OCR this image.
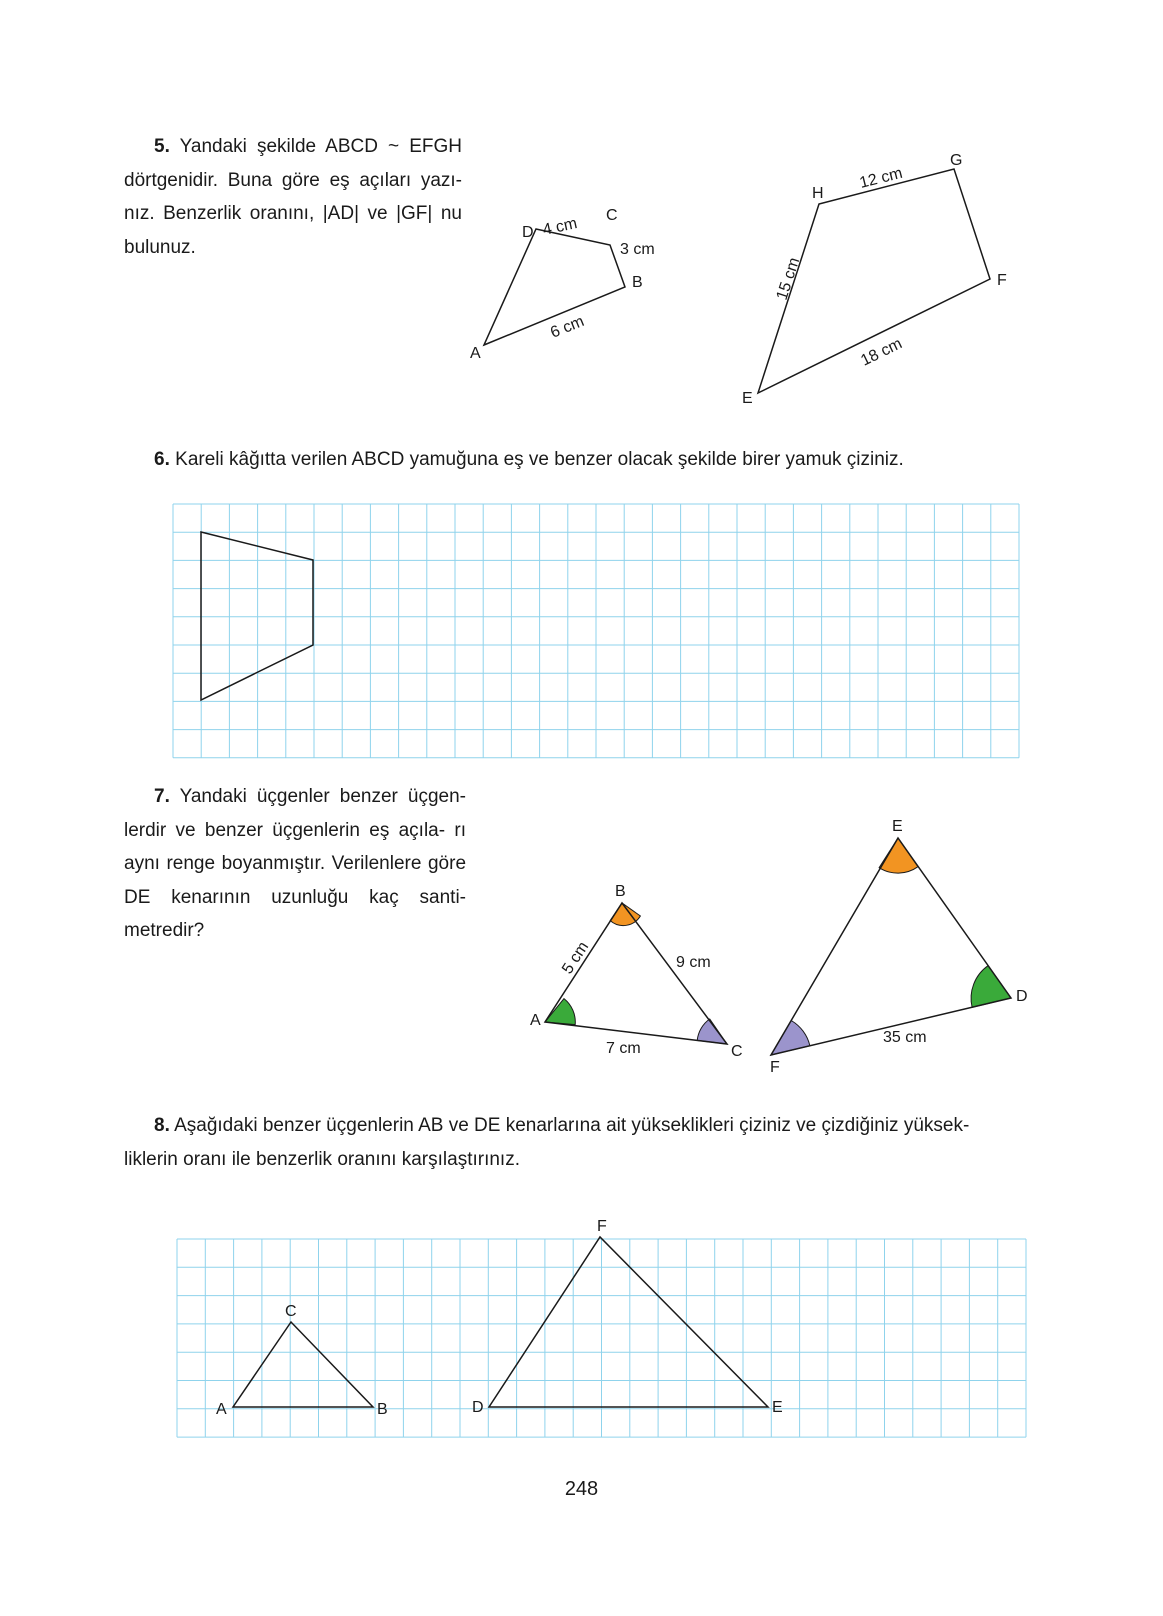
5. Yandaki şekilde ABCD ~ EFGH dörtgenidir. Buna göre eş açıları yazı- nız. Benzerlik oranını, |AD| ve |GF| nu bulunuz.
6. Kareli kâğıtta verilen ABCD yamuğuna eş ve benzer olacak şekilde birer yamuk çiziniz.
7. Yandaki üçgenler benzer üçgen- lerdir ve benzer üçgenlerin eş açıla- rı aynı renge boyanmıştır. Verilenlere göre DE kenarının uzunluğu kaç santi- metredir?
8. Aşağıdaki benzer üçgenlerin AB ve DE kenarlarına ait yükseklikleri çiziniz ve çizdiğiniz yüksek-
liklerin oranı ile benzerlik oranını karşılaştırınız.
A
B
C
D 4 cm
3 cm
6 cm
E
F
G
H
12 cm
15 cm
18 cm
A
B
C
5 cm	9 cm
7 cm
E
D
F
35 cm
A	B
C
D	E
F
248
